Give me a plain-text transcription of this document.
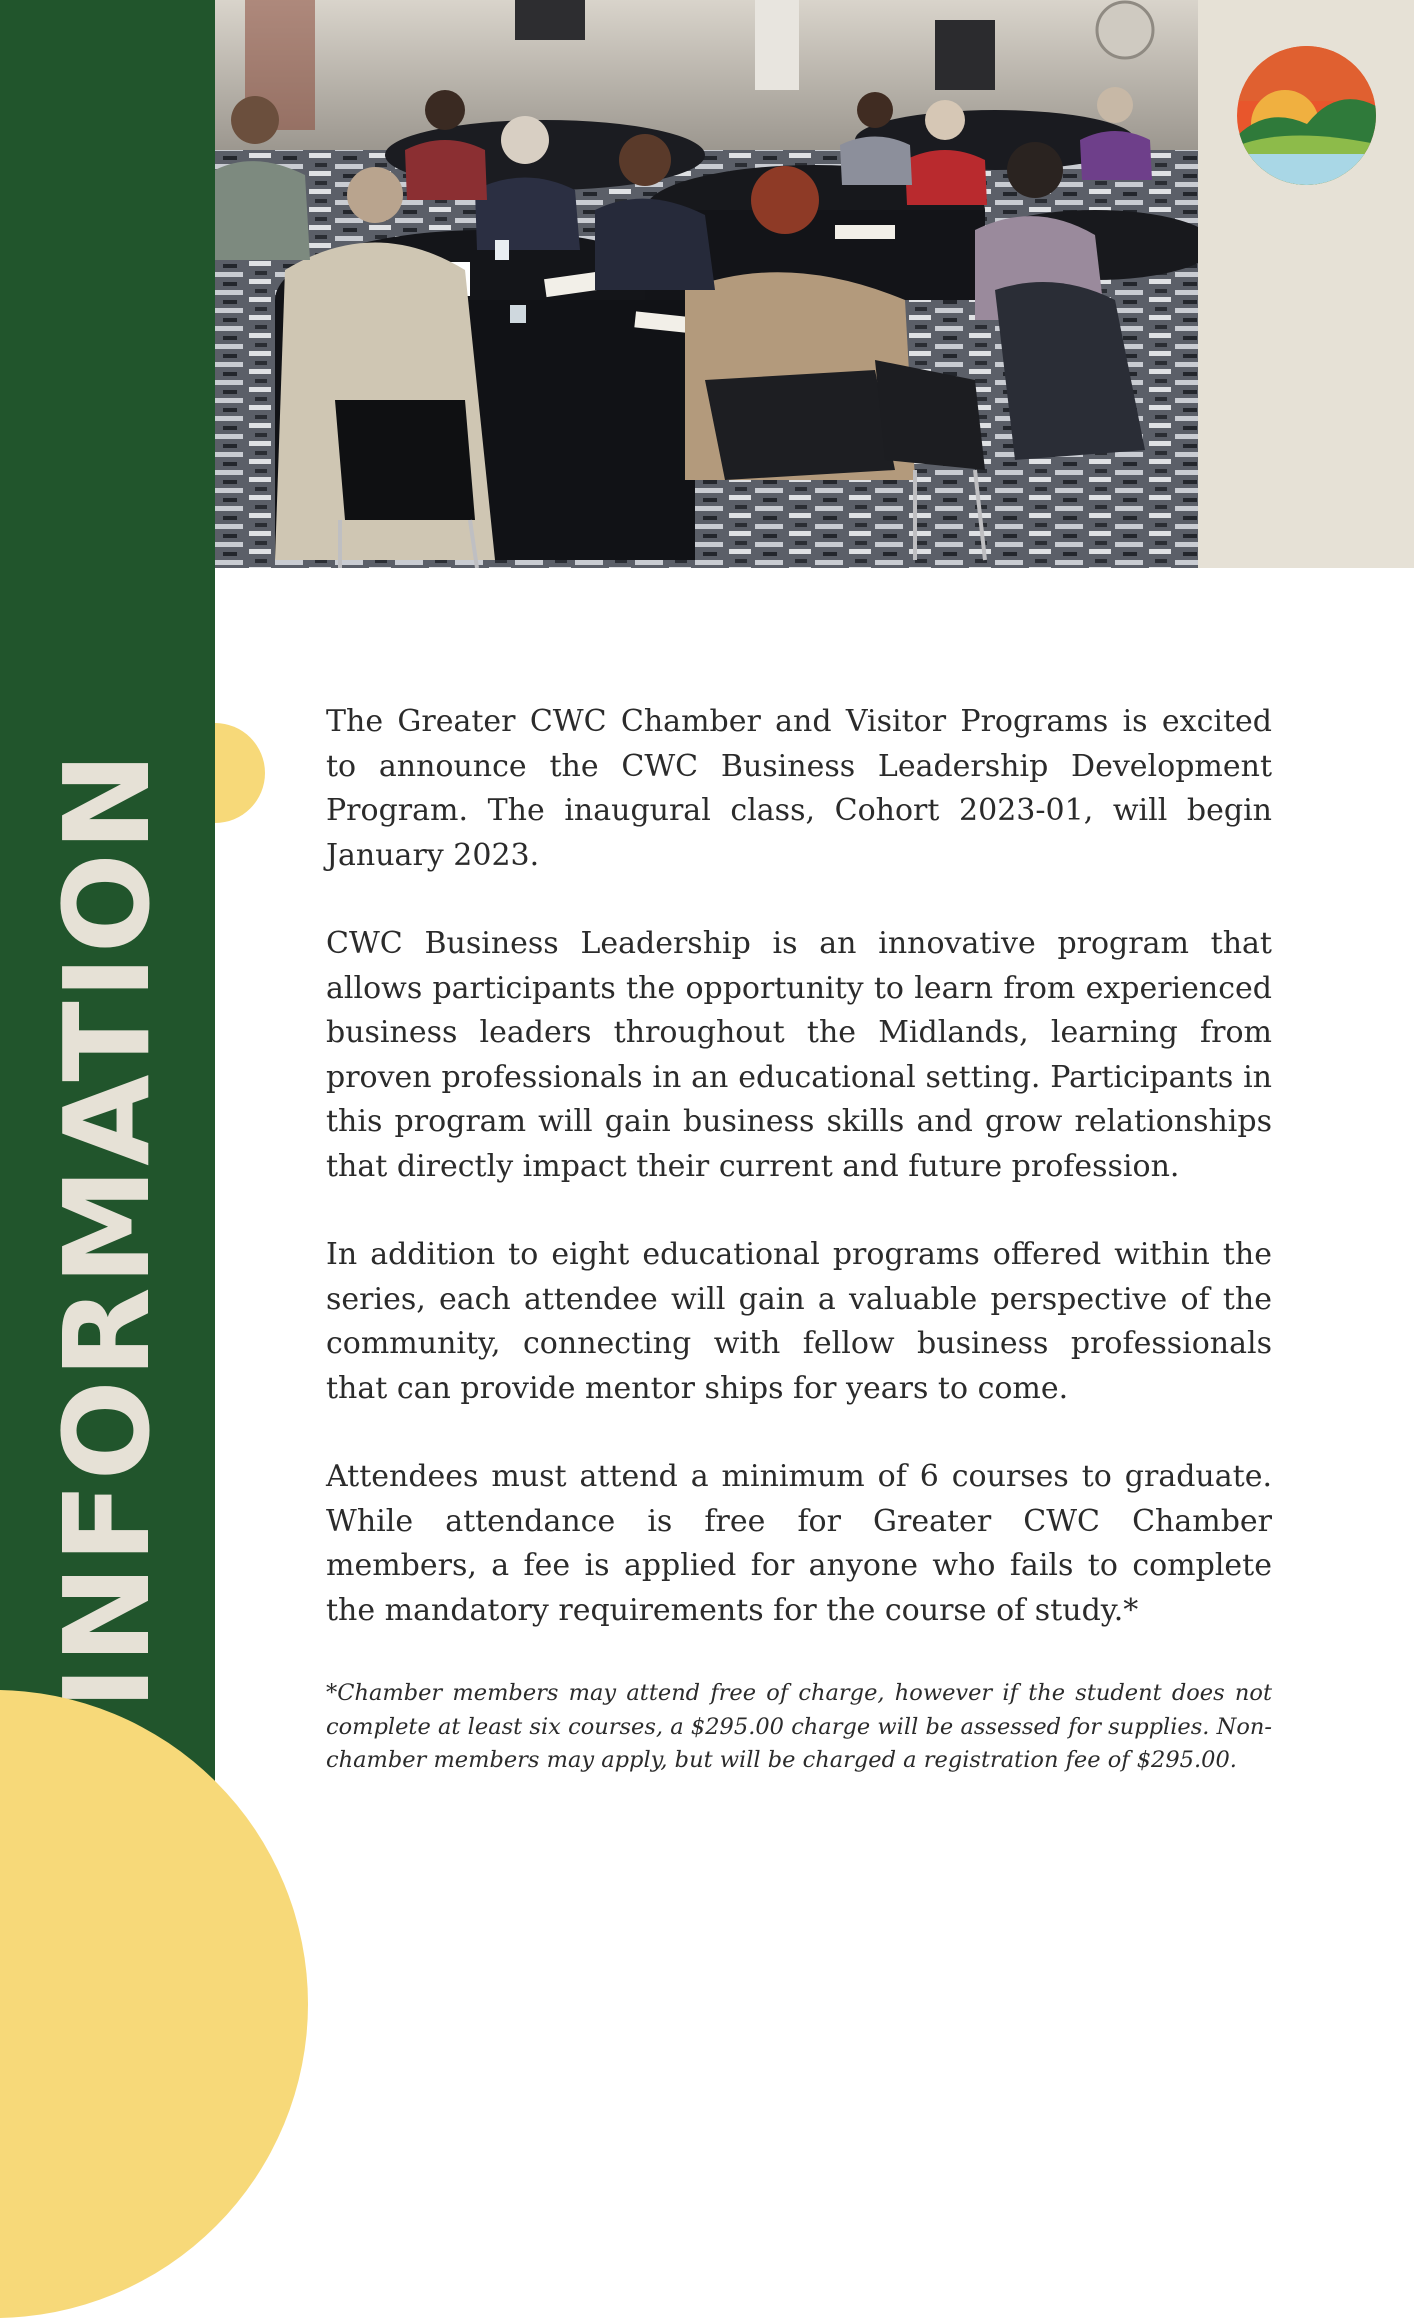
INFORMATION

The Greater CWC Chamber and Visitor Programs is excited to announce the CWC Business Leadership Development Program. The inaugural class, Cohort 2023-01, will begin January 2023.

CWC Business Leadership is an innovative program that allows participants the opportunity to learn from experienced business leaders throughout the Midlands, learning from proven professionals in an educational setting. Participants in this program will gain business skills and grow relationships that directly impact their current and future profession.

In addition to eight educational programs offered within the series, each attendee will gain a valuable perspective of the community, connecting with fellow business professionals that can provide mentor ships for years to come.

Attendees must attend a minimum of 6 courses to graduate. While attendance is free for Greater CWC Chamber members, a fee is applied for anyone who fails to complete the mandatory requirements for the course of study.*

*Chamber members may attend free of charge, however if the student does not complete at least six courses, a $295.00 charge will be assessed for supplies. Non-chamber members may apply, but will be charged a registration fee of $295.00.
